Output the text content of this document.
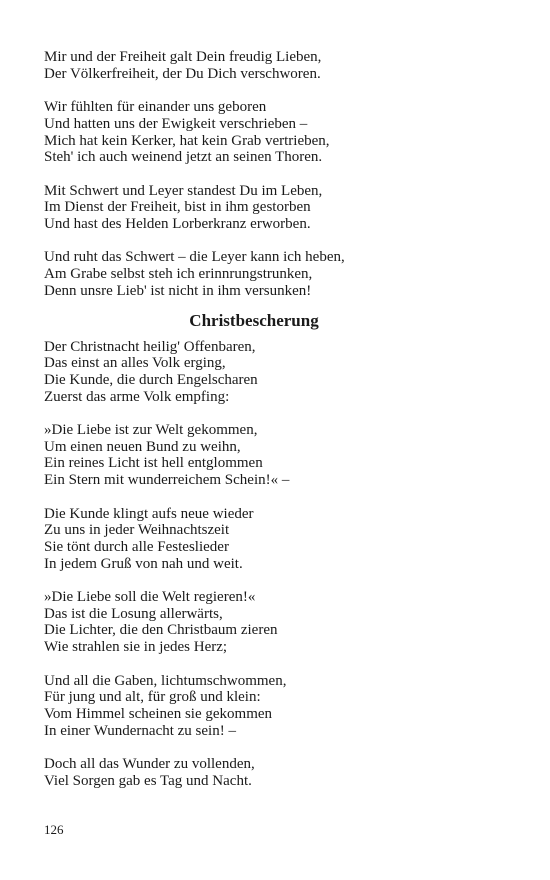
Mir und der Freiheit galt Dein freudig Lieben,
Der Völkerfreiheit, der Du Dich verschworen.
Wir fühlten für einander uns geboren
Und hatten uns der Ewigkeit verschrieben –
Mich hat kein Kerker, hat kein Grab vertrieben,
Steh' ich auch weinend jetzt an seinen Thoren.
Mit Schwert und Leyer standest Du im Leben,
Im Dienst der Freiheit, bist in ihm gestorben
Und hast des Helden Lorberkranz erworben.
Und ruht das Schwert – die Leyer kann ich heben,
Am Grabe selbst steh ich erinnrungstrunken,
Denn unsre Lieb' ist nicht in ihm versunken!
Christbescherung
Der Christnacht heilig' Offenbaren,
Das einst an alles Volk erging,
Die Kunde, die durch Engelscharen
Zuerst das arme Volk empfing:
»Die Liebe ist zur Welt gekommen,
Um einen neuen Bund zu weihn,
Ein reines Licht ist hell entglommen
Ein Stern mit wunderreichem Schein!« –
Die Kunde klingt aufs neue wieder
Zu uns in jeder Weihnachtszeit
Sie tönt durch alle Festeslieder
In jedem Gruß von nah und weit.
»Die Liebe soll die Welt regieren!«
Das ist die Losung allerwärts,
Die Lichter, die den Christbaum zieren
Wie strahlen sie in jedes Herz;
Und all die Gaben, lichtumschwommen,
Für jung und alt, für groß und klein:
Vom Himmel scheinen sie gekommen
In einer Wundernacht zu sein! –
Doch all das Wunder zu vollenden,
Viel Sorgen gab es Tag und Nacht.
126
